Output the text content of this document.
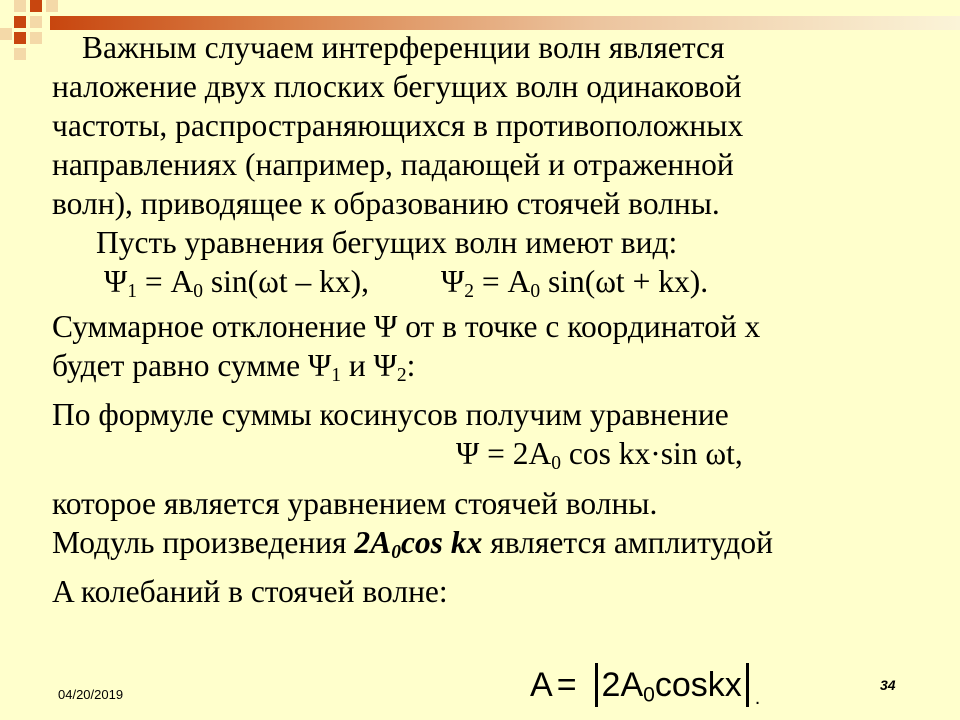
Важным случаем интерференции волн является
наложение двух плоских бегущих волн одинаковой
частоты, распространяющихся в противоположных
направлениях (например, падающей и отраженной
волн), приводящее к образованию стоячей волны.
Пусть уравнения бегущих волн имеют вид:
$\Psi_1 = A_0$ sin(ωt – kx), $\Psi_2 = A_0$ sin(ωt + kx).
Суммарное отклонение Ψ от в точке с координатой x
будет равно сумме $\Psi_1$ и $\Psi_2$:
По формуле суммы косинусов получим уравнение
$\Psi = 2A_0$ cos kx·sin ωt,
которое является уравнением стоячей волны.
Модуль произведения $2A_0\cos$ kx является амплитудой
A колебаний в стоячей волне:
$A = 2A_0coskx$ .
04/20/2019
34
